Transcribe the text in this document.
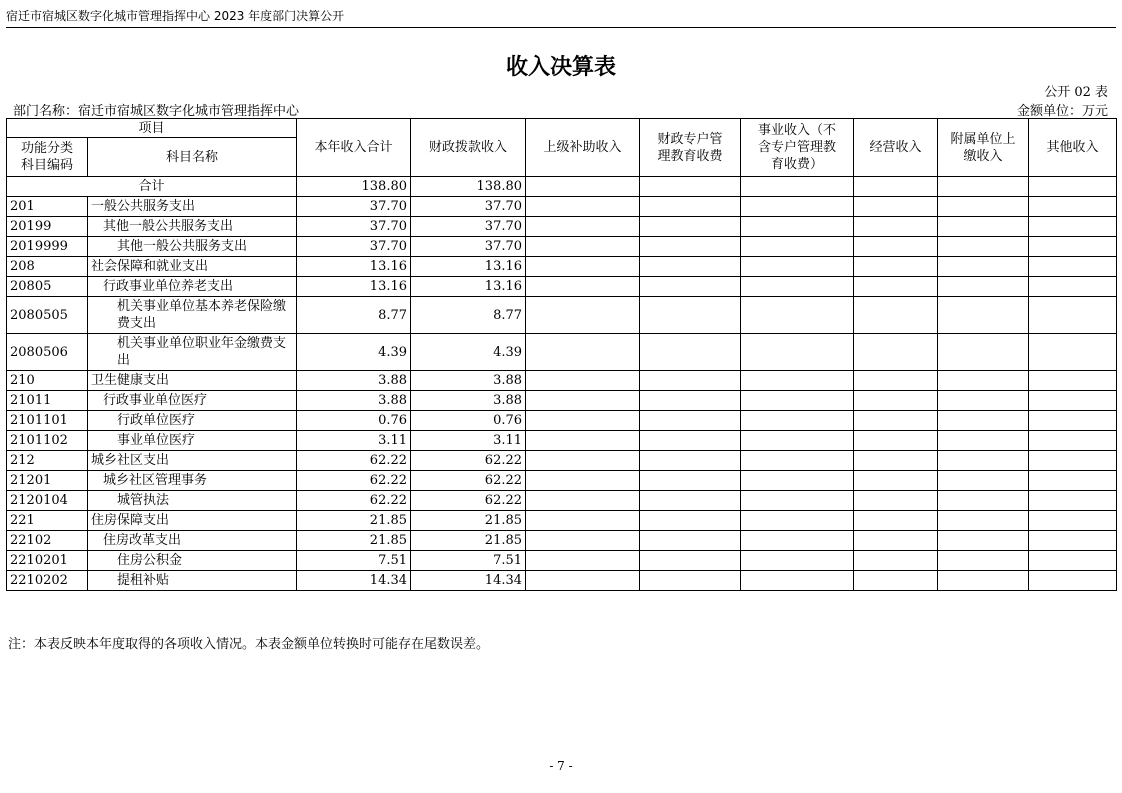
宿迁市宿城区数字化城市管理指挥中心 2023 年度部门决算公开
收入决算表
公开 02 表
部门名称：宿迁市宿城区数字化城市管理指挥中心	金额单位：万元
项目		本年收入合计	财政拨款收入	上级补助收入	财政专户管
理教育收费	事业收入（不
含专户管理教
育收费）	经营收入	附属单位上
缴收入	其他收入
功能分类
科目编码	科目名称								
合计		138.80	138.80						
201	一般公共服务支出	37.70	37.70						
20199	其他一般公共服务支出	37.70	37.70						
2019999	其他一般公共服务支出	37.70	37.70						
208	社会保障和就业支出	13.16	13.16						
20805	行政事业单位养老支出	13.16	13.16						
2080505	机关事业单位基本养老保险缴费支出	8.77	8.77						
2080506	机关事业单位职业年金缴费支出	4.39	4.39						
210	卫生健康支出	3.88	3.88						
21011	行政事业单位医疗	3.88	3.88						
2101101	行政单位医疗	0.76	0.76						
2101102	事业单位医疗	3.11	3.11						
212	城乡社区支出	62.22	62.22						
21201	城乡社区管理事务	62.22	62.22						
2120104	城管执法	62.22	62.22						
221	住房保障支出	21.85	21.85						
22102	住房改革支出	21.85	21.85						
2210201	住房公积金	7.51	7.51						
2210202	提租补贴	14.34	14.34						
注：本表反映本年度取得的各项收入情况。本表金额单位转换时可能存在尾数误差。
- 7 -
